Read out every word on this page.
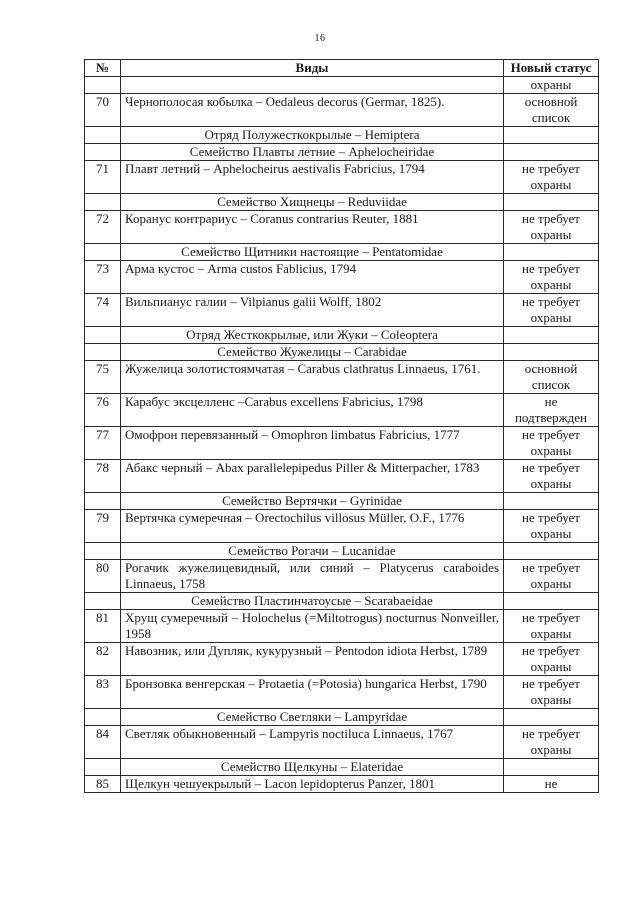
16
№	Виды	Новый статус
		охраны
70	Чернополосая кобылка – Oedaleus decorus (Germar, 1825).	основной список
	Отряд Полужесткокрылые – Hemiptera	
	Семейство Плавты летние – Aphelocheiridae	
71	Плавт летний – Aphelocheirus aestivalis Fabricius, 1794	не требует охраны
	Семейство Хищнецы – Reduviidae	
72	Коранус контрариус – Coranus contrarius Reuter, 1881	не требует охраны
	Семейство Щитники настоящие – Pentatomidae	
73	Арма кустос – Arma custos Fablicius, 1794	не требует охраны
74	Вильпианус галии – Vilpianus galii Wolff, 1802	не требует охраны
	Отряд Жесткокрылые, или Жуки – Coleoptera	
	Семейство Жужелицы – Carabidae	
75	Жужелица золотистоямчатая – Carabus clathratus Linnaeus, 1761.	основной список
76	Карабус эксцелленс –Carabus excellens Fabricius, 1798	не подтвержден
77	Омофрон перевязанный – Omophron limbatus Fabricius, 1777	не требует охраны
78	Абакс черный – Abax parallelepipedus Piller & Mitterpacher, 1783	не требует охраны
	Семейство Вертячки – Gyrinidae	
79	Вертячка сумеречная – Orectochilus villosus Müller, O.F., 1776	не требует охраны
	Семейство Рогачи – Lucanidae	
80	Рогачик жужелицевидный, или синий – Platycerus caraboides Linnaeus, 1758	не требует охраны
	Семейство Пластинчатоусые – Scarabaeidae	
81	Хрущ сумеречный – Holochelus (=Miltotrogus) nocturnus Nonveiller, 1958	не требует охраны
82	Навозник, или Дупляк, кукурузный – Pentodon idiota Herbst, 1789	не требует охраны
83	Бронзовка венгерская – Protaetia (=Potosia) hungarica Herbst, 1790	не требует охраны
	Семейство Светляки – Lampyridae	
84	Светляк обыкновенный – Lampyris noctiluca Linnaeus, 1767	не требует охраны
	Семейство Щелкуны – Elateridae	
85	Щелкун чешуекрылый – Lacon lepidopterus Panzer, 1801	не
